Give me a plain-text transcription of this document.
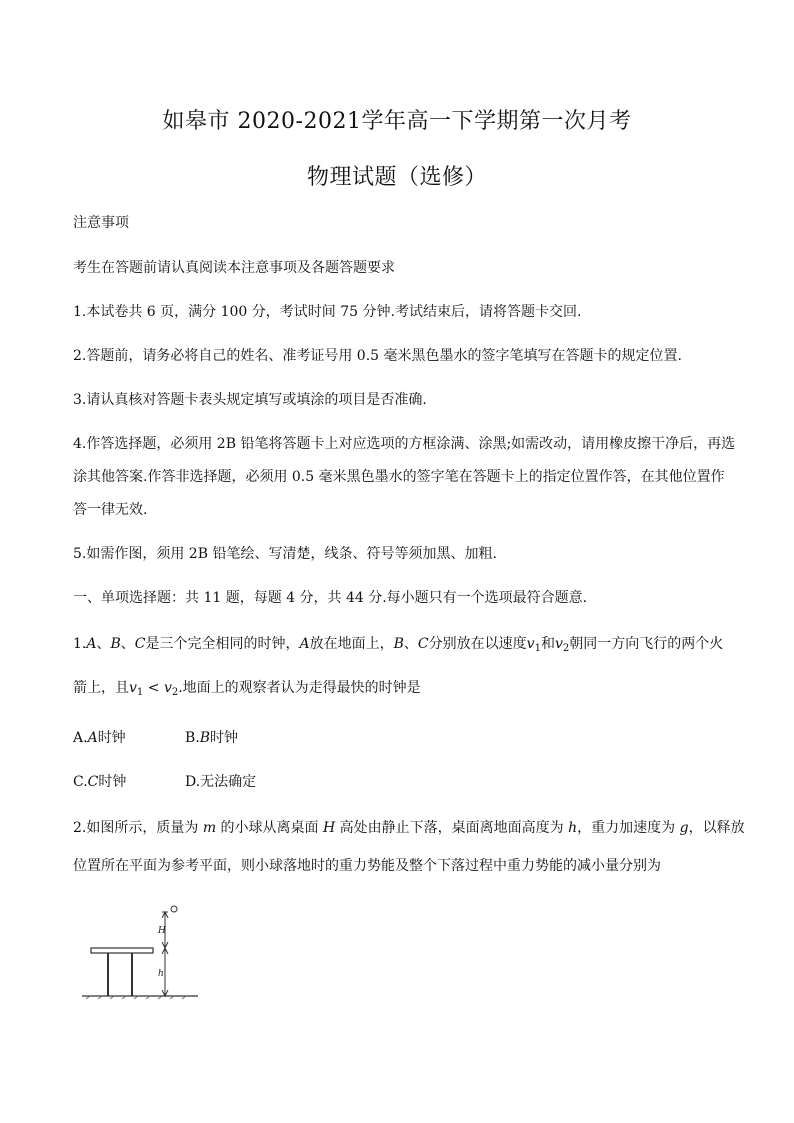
如皋市 2020-2021学年高一下学期第一次月考
物理试题（选修）
注意事项
考生在答题前请认真阅读本注意事项及各题答题要求
1.本试卷共 6 页，满分 100 分，考试时间 75 分钟.考试结束后，请将答题卡交回.
2.答题前，请务必将自己的姓名、准考证号用 0.5 毫米黑色墨水的签字笔填写在答题卡的规定位置.
3.请认真核对答题卡表头规定填写或填涂的项目是否准确.
4.作答选择题，必须用 2B 铅笔将答题卡上对应选项的方框涂满、涂黑;如需改动，请用橡皮擦干净后，再选
涂其他答案.作答非选择题，必须用 0.5 毫米黑色墨水的签字笔在答题卡上的指定位置作答，在其他位置作
答一律无效.
5.如需作图，须用 2B 铅笔绘、写清楚，线条、符号等须加黑、加粗.
一、单项选择题：共 11 题，每题 4 分，共 44 分.每小题只有一个选项最符合题意.
1.A、B、C是三个完全相同的时钟，A放在地面上，B、C分别放在以速度$v_1$和$v_2$朝同一方向飞行的两个火
箭上，且$v_1 < v_2$.地面上的观察者认为走得最快的时钟是
A.A时钟	B.B时钟
C.C时钟	D.无法确定
2.如图所示，质量为 m 的小球从离桌面 H 高处由静止下落，桌面离地面高度为 h，重力加速度为 g，以释放
位置所在平面为参考平面，则小球落地时的重力势能及整个下落过程中重力势能的减小量分别为
H
h
